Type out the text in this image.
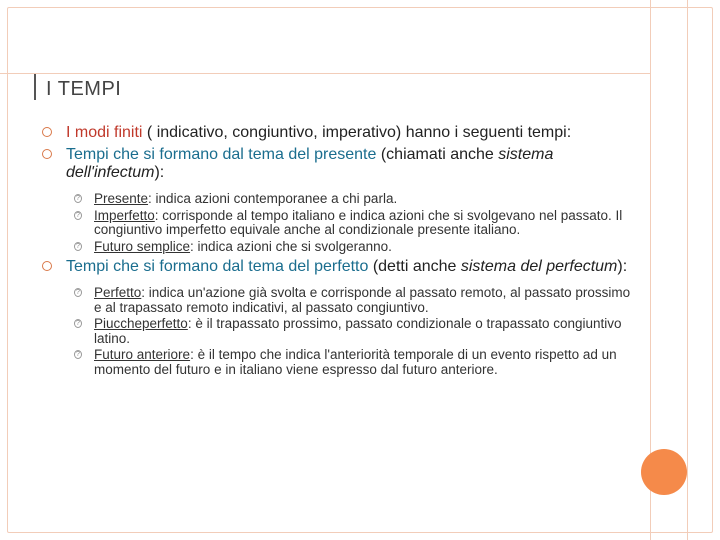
I TEMPI
I modi finiti ( indicativo, congiuntivo, imperativo) hanno i seguenti tempi:
Tempi che si formano dal tema del presente (chiamati anche sistema dell'infectum):
? Presente: indica azioni contemporanee a chi parla.
? Imperfetto: corrisponde al tempo italiano e indica azioni che si svolgevano nel passato. Il congiuntivo imperfetto equivale anche al condizionale presente italiano.
? Futuro semplice: indica azioni che si svolgeranno.
Tempi che si formano dal tema del perfetto (detti anche sistema del perfectum):
? Perfetto: indica un'azione già svolta e corrisponde al passato remoto, al passato prossimo e al trapassato remoto indicativi, al passato congiuntivo.
? Piuccheperfetto: è il trapassato prossimo, passato condizionale o trapassato congiuntivo latino.
? Futuro anteriore: è il tempo che indica l'anteriorità temporale di un evento rispetto ad un momento del futuro e in italiano viene espresso dal futuro anteriore.
